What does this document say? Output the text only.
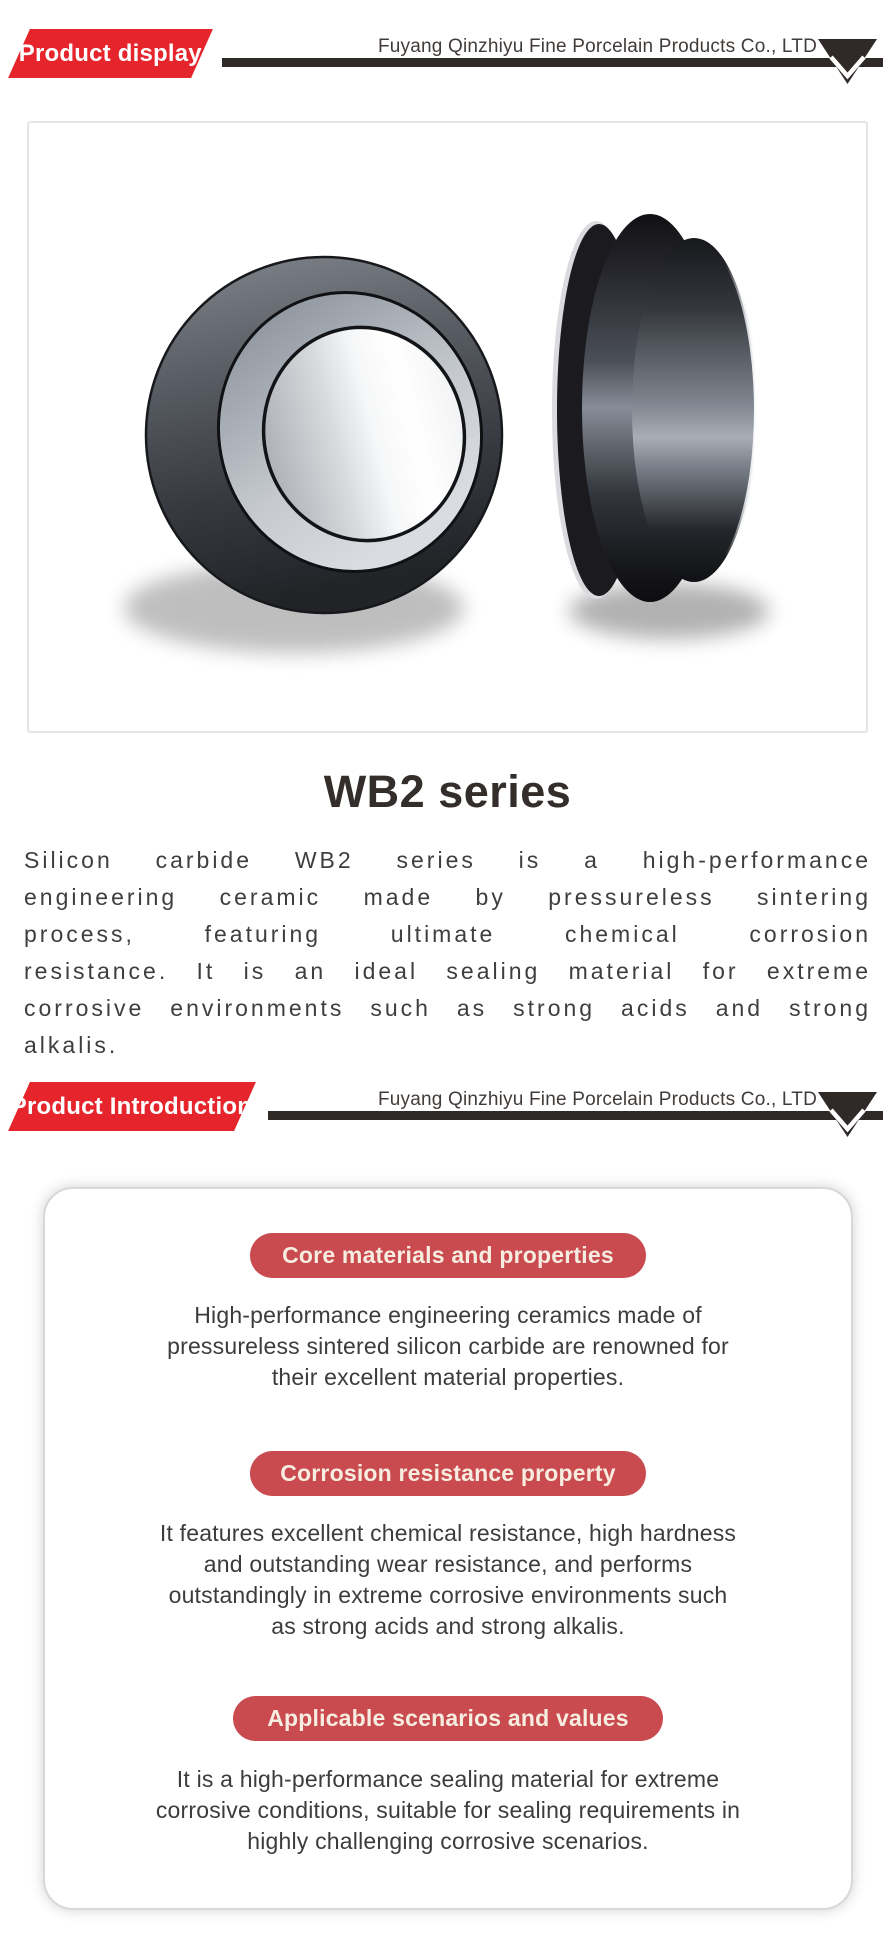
Product display	Fuyang Qinzhiyu Fine Porcelain Products Co., LTD
WB2 series
Silicon carbide WB2 series is a high-performance
engineering ceramic made by pressureless sintering
process, featuring ultimate chemical corrosion
resistance. It is an ideal sealing material for extreme
corrosive environments such as strong acids and strong
alkalis.
Product Introduction	Fuyang Qinzhiyu Fine Porcelain Products Co., LTD
Core materials and properties
High-performance engineering ceramics made of
pressureless sintered silicon carbide are renowned for
their excellent material properties.
Corrosion resistance property
It features excellent chemical resistance, high hardness
and outstanding wear resistance, and performs
outstandingly in extreme corrosive environments such
as strong acids and strong alkalis.
Applicable scenarios and values
It is a high-performance sealing material for extreme
corrosive conditions, suitable for sealing requirements in
highly challenging corrosive scenarios.
